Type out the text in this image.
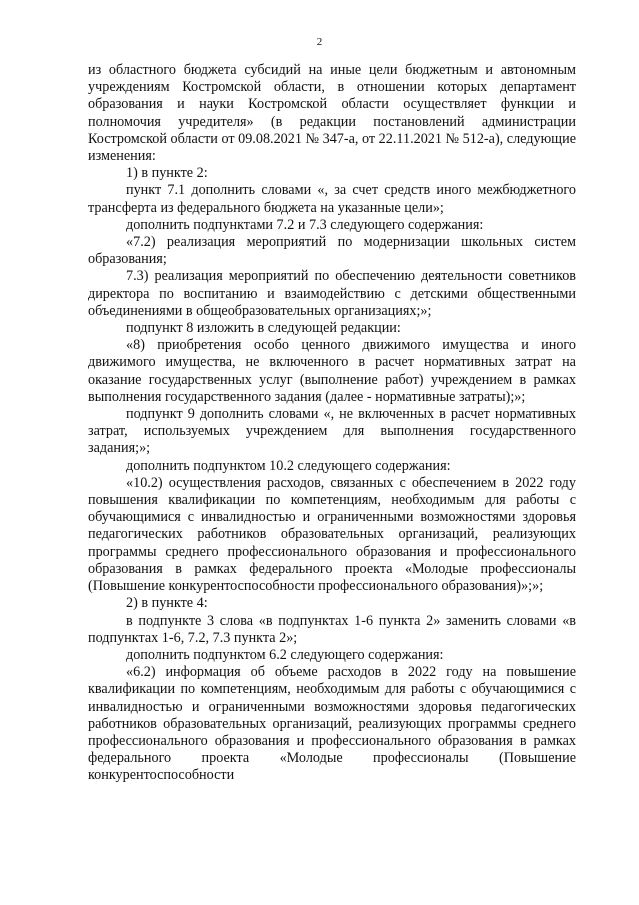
2

из областного бюджета субсидий на иные цели бюджетным и автономным учреждениям Костромской области, в отношении которых департамент образования и науки Костромской области осуществляет функции и полномочия учредителя» (в редакции постановлений администрации Костромской области от 09.08.2021 № 347-а, от 22.11.2021 № 512-а), следующие изменения:

1) в пункте 2:

пункт 7.1 дополнить словами «, за счет средств иного межбюджетного трансферта из федерального бюджета на указанные цели»;

дополнить подпунктами 7.2 и 7.3 следующего содержания:

«7.2) реализация мероприятий по модернизации школьных систем образования;

7.3) реализация мероприятий по обеспечению деятельности советников директора по воспитанию и взаимодействию с детскими общественными объединениями в общеобразовательных организациях;»;

подпункт 8 изложить в следующей редакции:

«8) приобретения особо ценного движимого имущества и иного движимого имущества, не включенного в расчет нормативных затрат на оказание государственных услуг (выполнение работ) учреждением в рамках выполнения государственного задания (далее - нормативные затраты);»;

подпункт 9 дополнить словами «, не включенных в расчет нормативных затрат, используемых учреждением для выполнения государственного задания;»;

дополнить подпунктом 10.2 следующего содержания:

«10.2) осуществления расходов, связанных с обеспечением в 2022 году повышения квалификации по компетенциям, необходимым для работы с обучающимися с инвалидностью и ограниченными возможностями здоровья педагогических работников образовательных организаций, реализующих программы среднего профессионального образования и профессионального образования в рамках федерального проекта «Молодые профессионалы (Повышение конкурентоспособности профессионального образования)»;»;

2) в пункте 4:

в подпункте 3 слова «в подпунктах 1-6 пункта 2» заменить словами «в подпунктах 1-6, 7.2, 7.3 пункта 2»;

дополнить подпунктом 6.2 следующего содержания:

«6.2) информация об объеме расходов в 2022 году на повышение квалификации по компетенциям, необходимым для работы с обучающимися с инвалидностью и ограниченными возможностями здоровья педагогических работников образовательных организаций, реализующих программы среднего профессионального образования и профессионального образования в рамках федерального проекта «Молодые профессионалы (Повышение конкурентоспособности
